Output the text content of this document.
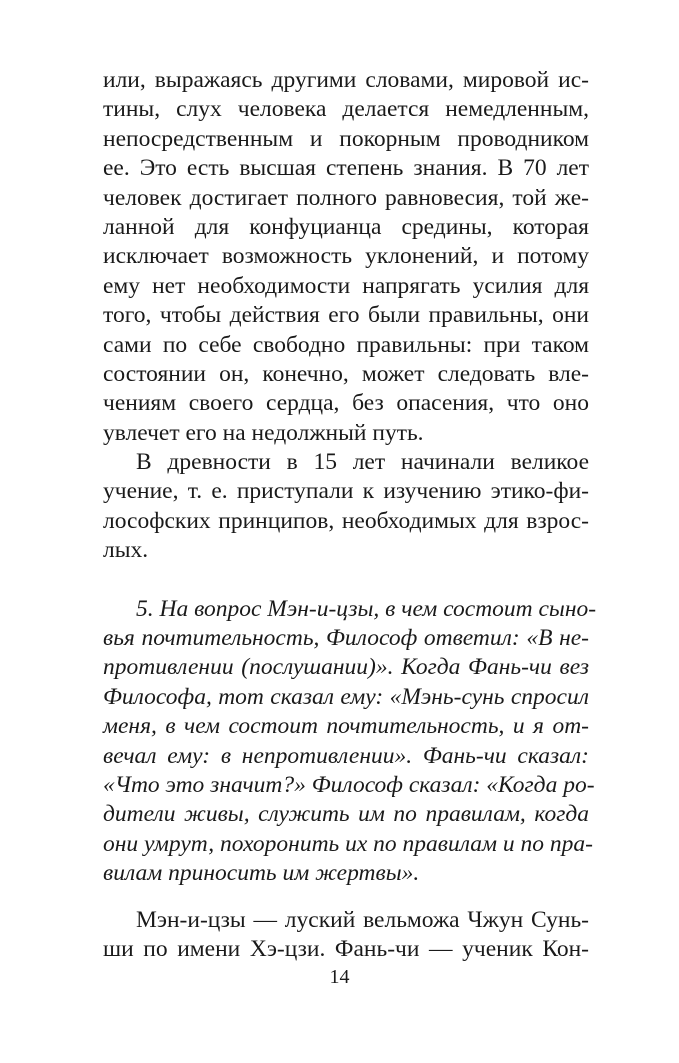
или, выражаясь другими словами, мировой ис-
тины, слух человека делается немедленным,
непосредственным и покорным проводником
ее. Это есть высшая степень знания. В 70 лет
человек достигает полного равновесия, той же-
ланной для конфуцианца средины, которая
исключает возможность уклонений, и потому
ему нет необходимости напрягать усилия для
того, чтобы действия его были правильны, они
сами по себе свободно правильны: при таком
состоянии он, конечно, может следовать вле-
чениям своего сердца, без опасения, что оно
увлечет его на недолжный путь.
В древности в 15 лет начинали великое
учение, т. е. приступали к изучению этико-фи-
лософских принципов, необходимых для взрос-
лых.
5. На вопрос Мэн-и-цзы, в чем состоит сыно-
вья почтительность, Философ ответил: «В не-
противлении (послушании)». Когда Фань-чи вез
Философа, тот сказал ему: «Мэнь-сунь спросил
меня, в чем состоит почтительность, и я от-
вечал ему: в непротивлении». Фань-чи сказал:
«Что это значит?» Философ сказал: «Когда ро-
дители живы, служить им по правилам, когда
они умрут, похоронить их по правилам и по пра-
вилам приносить им жертвы».
Мэн-и-цзы — луский вельможа Чжун Сунь-
ши по имени Хэ-цзи. Фань-чи — ученик Кон-
14
